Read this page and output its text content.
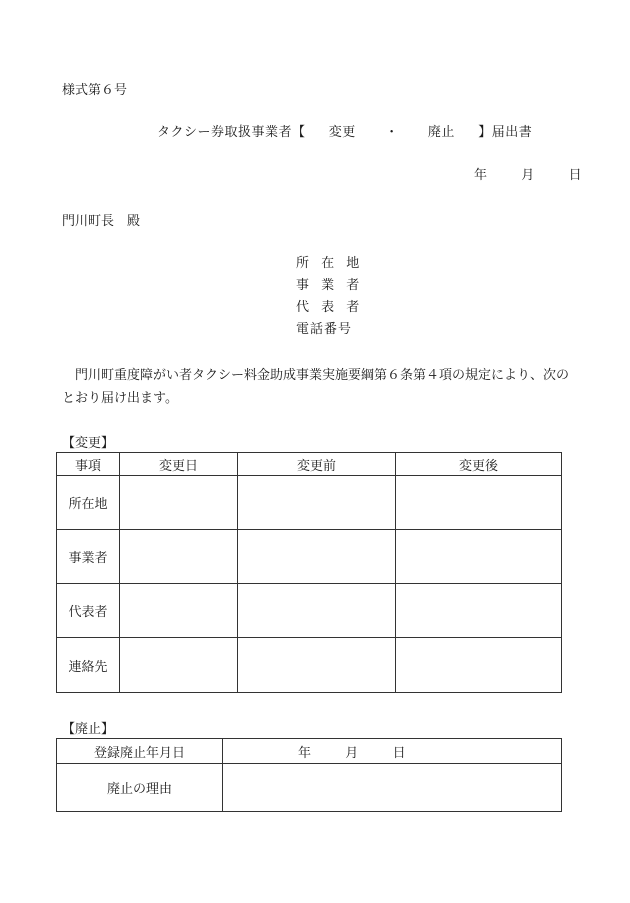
様式第６号
タクシー券取扱事業者【 変更 ・ 廃止 】届出書
年	月	日
門川町長　殿
所 在 地
事 業 者
代 表 者
電話番号
門川町重度障がい者タクシー料金助成事業実施要綱第６条第４項の規定により、次のとおり届け出ます。
【変更】
事項	変更日	変更前	変更後
所在地			
事業者			
代表者			
連絡先			
【廃止】
登録廃止年月日	年 月 日
廃止の理由	
